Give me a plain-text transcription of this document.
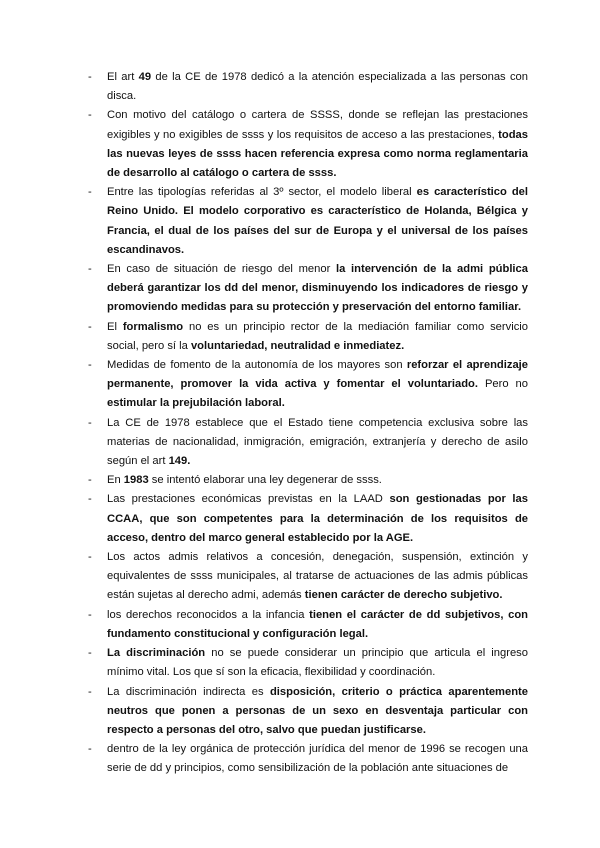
- El art 49 de la CE de 1978 dedicó a la atención especializada a las personas con disca.
- Con motivo del catálogo o cartera de SSSS, donde se reflejan las prestaciones exigibles y no exigibles de ssss y los requisitos de acceso a las prestaciones, todas las nuevas leyes de ssss hacen referencia expresa como norma reglamentaria de desarrollo al catálogo o cartera de ssss.
- Entre las tipologías referidas al 3º sector, el modelo liberal es característico del Reino Unido. El modelo corporativo es característico de Holanda, Bélgica y Francia, el dual de los países del sur de Europa y el universal de los países escandinavos.
- En caso de situación de riesgo del menor la intervención de la admi pública deberá garantizar los dd del menor, disminuyendo los indicadores de riesgo y promoviendo medidas para su protección y preservación del entorno familiar.
- El formalismo no es un principio rector de la mediación familiar como servicio social, pero sí la voluntariedad, neutralidad e inmediatez.
- Medidas de fomento de la autonomía de los mayores son reforzar el aprendizaje permanente, promover la vida activa y fomentar el voluntariado. Pero no estimular la prejubilación laboral.
- La CE de 1978 establece que el Estado tiene competencia exclusiva sobre las materias de nacionalidad, inmigración, emigración, extranjería y derecho de asilo según el art 149.
- En 1983 se intentó elaborar una ley degenerar de ssss.
- Las prestaciones económicas previstas en la LAAD son gestionadas por las CCAA, que son competentes para la determinación de los requisitos de acceso, dentro del marco general establecido por la AGE.
- Los actos admis relativos a concesión, denegación, suspensión, extinción y equivalentes de ssss municipales, al tratarse de actuaciones de las admis públicas están sujetas al derecho admi, además tienen carácter de derecho subjetivo.
- los derechos reconocidos a la infancia tienen el carácter de dd subjetivos, con fundamento constitucional y configuración legal.
- La discriminación no se puede considerar un principio que articula el ingreso mínimo vital. Los que sí son la eficacia, flexibilidad y coordinación.
- La discriminación indirecta es disposición, criterio o práctica aparentemente neutros que ponen a personas de un sexo en desventaja particular con respecto a personas del otro, salvo que puedan justificarse.
- dentro de la ley orgánica de protección jurídica del menor de 1996 se recogen una serie de dd y principios, como sensibilización de la población ante situaciones de
